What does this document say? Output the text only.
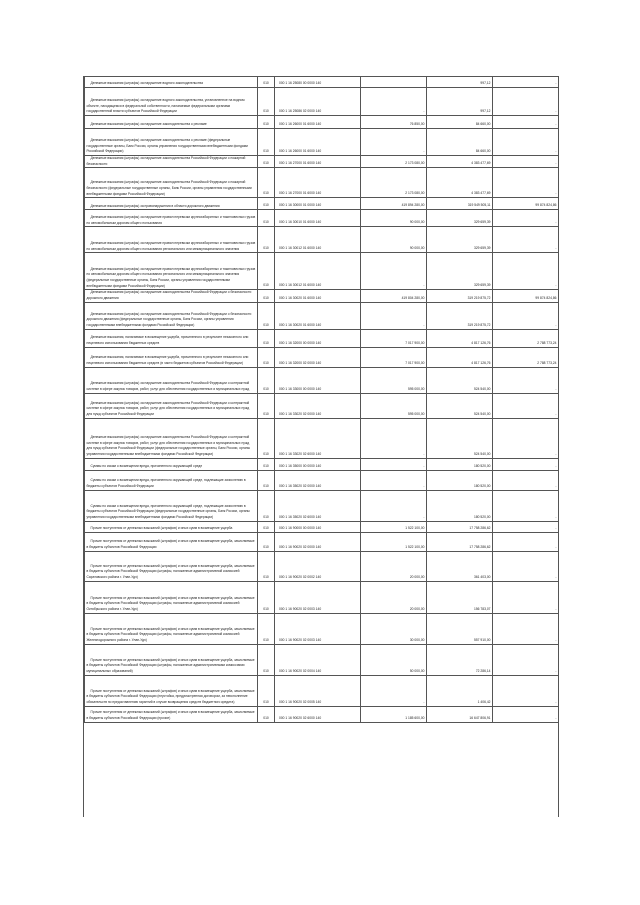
Денежные взыскания (штрафы) за нарушение водного законодательства	010	000 1 16 25080 00 0000 140		997,12	-
Денежные взыскания (штрафы) за нарушение водного законодательства, установленное на водном объекте, находящемся в федеральной собственности, налагаемые федеральными органами государственной власти субъектов Российской Федерации	010	000 1 16 25086 02 0000 140	-	997,12	-
Денежные взыскания (штрафы) за нарушение законодательства о рекламе	010	000 1 16 26000 01 6000 140	76 850,00	84 660,00	-
Денежные взыскания (штрафы) за нарушение законодательства о рекламе (федеральные государственные органы, Банк России, органы управления государственными внебюджетными фондами Российской Федерации)	010	000 1 16 26000 01 6000 140	-	84 660,00	-
Денежные взыскания (штрафы) за нарушение законодательства Российской Федерации о пожарной безопасности	010	000 1 16 27000 01 6000 140	2 173 080,00	4 383 477,69	-
Денежные взыскания (штрафы) за нарушение законодательства Российской Федерации о пожарной безопасности (федеральные государственные органы, Банк России, органы управления государственными внебюджетными фондами Российской Федерации)	010	000 1 16 27000 01 6000 140	2 173 080,00	4 383 477,69	-
Денежные взыскания (штрафы) за правонарушения в области дорожного движения	010	000 1 16 30000 01 0000 140	419 894 280,00	319 549 505,11	99 874 824,86
Денежные взыскания (штрафы) за нарушение правил перевозки крупногабаритных и тяжеловесных грузов по автомобильным дорогам общего пользования	010	000 1 16 30010 01 6000 140	90 000,00	329 659,39	-
Денежные взыскания (штрафы) за нарушение правил перевозки крупногабаритных и тяжеловесных грузов по автомобильным дорогам общего пользования регионального или межмуниципального значения	010	000 1 16 30012 01 6000 140	90 000,00	329 659,39	-
Денежные взыскания (штрафы) за нарушение правил перевозки крупногабаритных и тяжеловесных грузов по автомобильным дорогам общего пользования регионального или межмуниципального значения (федеральные государственные органы, Банк России, органы управления государственными внебюджетными фондами Российской Федерации)	010	000 1 16 30012 01 6000 140	-	329 659,39	-
Денежные взыскания (штрафы) за нарушение законодательства Российской Федерации о безопасности дорожного движения	010	000 1 16 30020 01 6000 140	419 804 280,00	319 219 875,72	99 874 824,86
Денежные взыскания (штрафы) за нарушение законодательства Российской Федерации о безопасности дорожного движения (федеральные государственные органы, Банк России, органы управления государственными внебюджетными фондами Российской Федерации)	010	000 1 16 30020 01 6000 140	-	319 219 875,72	-
Денежные взыскания, налагаемые в возмещение ущерба, причиненного в результате незаконного или нецелевого использования бюджетных средств	010	000 1 16 32000 00 0000 140	7 017 900,00	4 817 126,76	2 788 773,24
Денежные взыскания, налагаемые в возмещение ущерба, причиненного в результате незаконного или нецелевого использования бюджетных средств (в части бюджетов субъектов Российской Федерации)	010	000 1 16 32000 02 0000 140	7 017 900,00	4 817 126,76	2 788 773,24
Денежные взыскания (штрафы) за нарушение законодательства Российской Федерации о контрактной системе в сфере закупок товаров, работ, услуг для обеспечения государственных и муниципальных нужд	010	000 1 16 33000 00 0000 140	595 000,00	524 540,00	-
Денежные взыскания (штрафы) за нарушение законодательства Российской Федерации о контрактной системе в сфере закупок товаров, работ, услуг для обеспечения государственных и муниципальных нужд для нужд субъектов Российской Федерации	010	000 1 16 33020 02 0000 140	595 000,00	524 540,00	-
Денежные взыскания (штрафы) за нарушение законодательства Российской Федерации о контрактной системе в сфере закупок товаров, работ, услуг для обеспечения государственных и муниципальных нужд для нужд субъектов Российской Федерации (федеральные государственные органы, Банк России, органы управления государственными внебюджетными фондами Российской Федерации)	010	000 1 16 33020 02 6000 140	-	524 540,00	-
Суммы по искам о возмещении вреда, причиненного окружающей среде	010	000 1 16 35000 00 0000 140	-	180 520,00	-
Суммы по искам о возмещении вреда, причиненного окружающей среде, подлежащие зачислению в бюджеты субъектов Российской Федерации	010	000 1 16 35020 02 0000 140	-	180 520,00	-
Суммы по искам о возмещении вреда, причиненного окружающей среде, подлежащие зачислению в бюджеты субъектов Российской Федерации (федеральные государственные органы, Банк России, органы управления государственными внебюджетными фондами Российской Федерации)	010	000 1 16 35020 02 6000 140	-	180 520,00	-
Прочие поступления от денежных взысканий (штрафов) и иных сумм в возмещение ущерба	010	000 1 16 90000 00 0000 140	1 522 100,00	17 758 286,62	-
Прочие поступления от денежных взысканий (штрафов) и иных сумм в возмещение ущерба, зачисляемые в бюджеты субъектов Российской Федерации	010	000 1 16 90020 02 0000 140	1 522 100,00	17 758 286,62	-
Прочие поступления от денежных взысканий (штрафов) и иных сумм в возмещение ущерба, зачисляемые в бюджеты субъектов Российской Федерации (штрафы, наложенные административной комиссией Саратовского района г. Улан-Удэ)	010	000 1 16 90020 02 0002 140	20 000,00	361 403,00	-
Прочие поступления от денежных взысканий (штрафов) и иных сумм в возмещение ущерба, зачисляемые в бюджеты субъектов Российской Федерации (штрафы, наложенные административной комиссией Октябрьского района г. Улан-Удэ)	010	000 1 16 90020 02 0003 140	20 000,00	156 783,07	-
Прочие поступления от денежных взысканий (штрафов) и иных сумм в возмещение ущерба, зачисляемые в бюджеты субъектов Российской Федерации (штрафы, наложенные административной комиссией Железнодорожного района г. Улан-Удэ)	010	000 1 16 90020 02 0003 140	30 000,00	557 910,00	-
Прочие поступления от денежных взысканий (штрафов) и иных сумм в возмещение ущерба, зачисляемые в бюджеты субъектов Российской Федерации (штрафы, наложенные административными комиссиями муниципальных образований)	010	000 1 16 90020 02 0004 140	50 000,00	72 286,14	-
Прочие поступления от денежных взысканий (штрафов) и иных сумм в возмещение ущерба, зачисляемые в бюджеты субъектов Российской Федерации (неустойка, предусмотренная договором, за неисполнение обязательств по предоставлению гарантий в случае возвращения средств бюджетного кредита)	010	000 1 16 90020 02 0005 140	-	1 406,42	-
Прочие поступления от денежных взысканий (штрафов) и иных сумм в возмещение ущерба, зачисляемые в бюджеты субъектов Российской Федерации (прочие)	010	000 1 16 90020 02 6000 140	1 185 600,00	16 647 806,91	-
